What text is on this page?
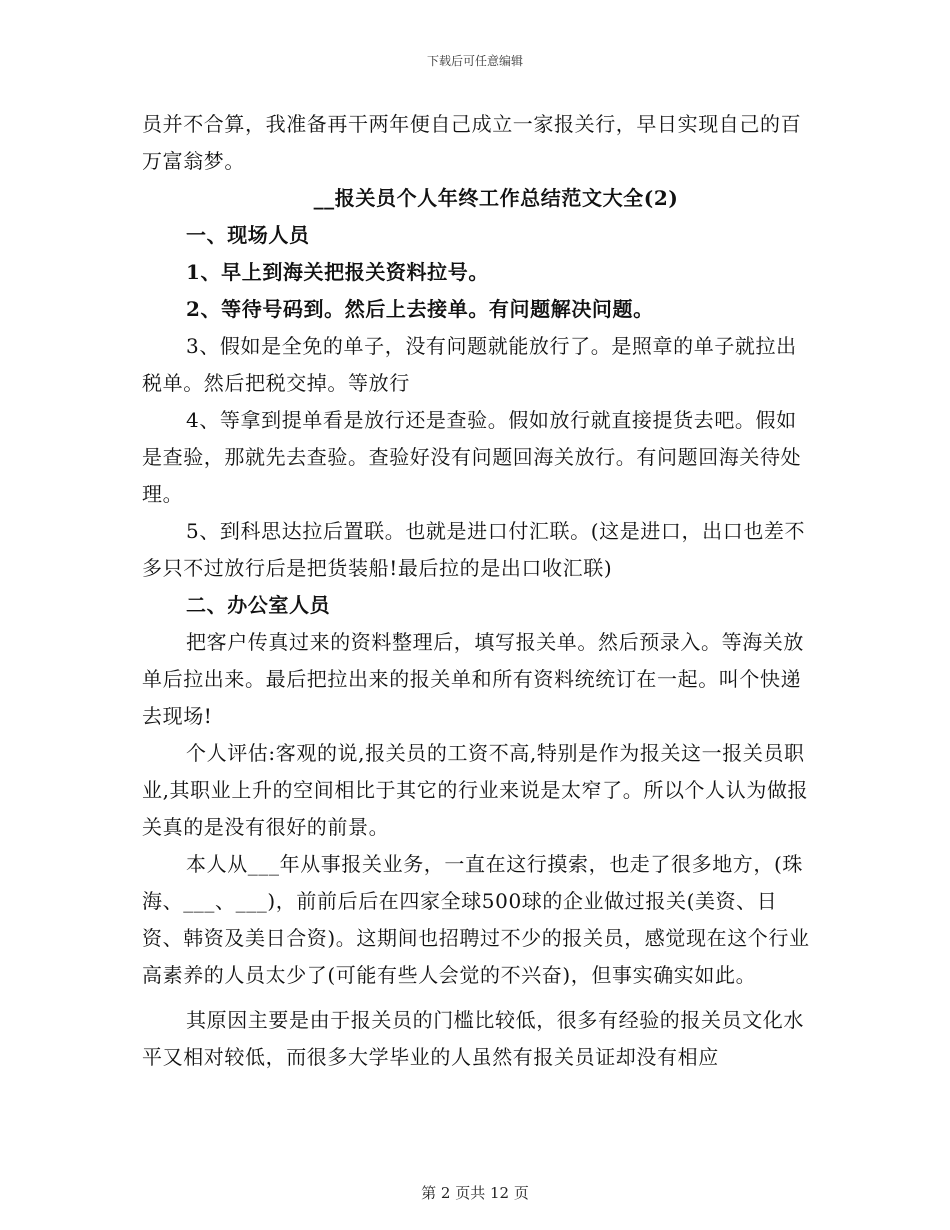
下载后可任意编辑

员并不合算，我准备再干两年便自己成立一家报关行，早日实现自己的百万富翁梦。

__报关员个人年终工作总结范文大全(2)

一、现场人员

1、早上到海关把报关资料拉号。

2、等待号码到。然后上去接单。有问题解决问题。

3、假如是全免的单子，没有问题就能放行了。是照章的单子就拉出税单。然后把税交掉。等放行

4、等拿到提单看是放行还是查验。假如放行就直接提货去吧。假如是查验，那就先去查验。查验好没有问题回海关放行。有问题回海关待处理。

5、到科思达拉后置联。也就是进口付汇联。(这是进口，出口也差不多只不过放行后是把货装船!最后拉的是出口收汇联)

二、办公室人员

把客户传真过来的资料整理后，填写报关单。然后预录入。等海关放单后拉出来。最后把拉出来的报关单和所有资料统统订在一起。叫个快递去现场!

个人评估:客观的说,报关员的工资不高,特别是作为报关这一报关员职业,其职业上升的空间相比于其它的行业来说是太窄了。所以个人认为做报关真的是没有很好的前景。

本人从___年从事报关业务，一直在这行摸索，也走了很多地方，(珠海、___、___)，前前后后在四家全球500球的企业做过报关(美资、日资、韩资及美日合资)。这期间也招聘过不少的报关员，感觉现在这个行业高素养的人员太少了(可能有些人会觉的不兴奋)，但事实确实如此。

其原因主要是由于报关员的门槛比较低，很多有经验的报关员文化水平又相对较低，而很多大学毕业的人虽然有报关员证却没有相应

第 2 页共 12 页
